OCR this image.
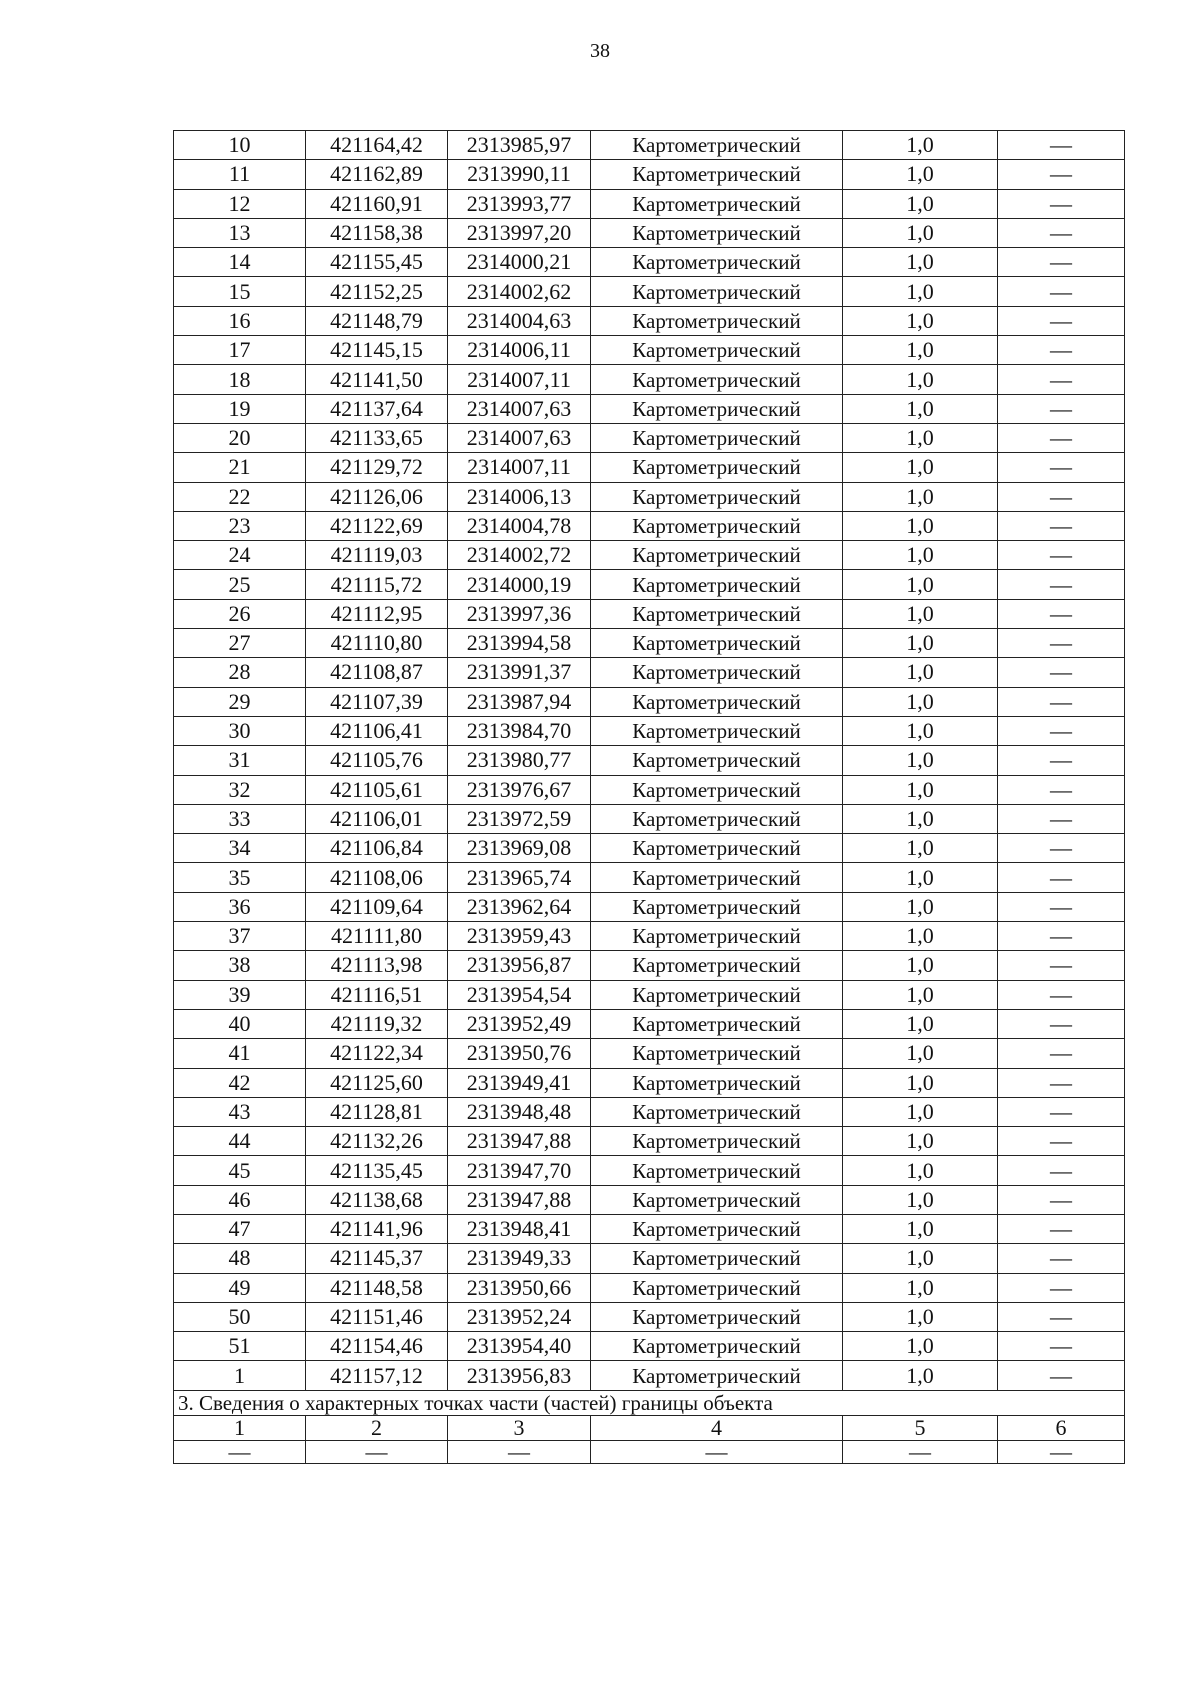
38
10	421164,42	2313985,97	Картометрический	1,0	—
11	421162,89	2313990,11	Картометрический	1,0	—
12	421160,91	2313993,77	Картометрический	1,0	—
13	421158,38	2313997,20	Картометрический	1,0	—
14	421155,45	2314000,21	Картометрический	1,0	—
15	421152,25	2314002,62	Картометрический	1,0	—
16	421148,79	2314004,63	Картометрический	1,0	—
17	421145,15	2314006,11	Картометрический	1,0	—
18	421141,50	2314007,11	Картометрический	1,0	—
19	421137,64	2314007,63	Картометрический	1,0	—
20	421133,65	2314007,63	Картометрический	1,0	—
21	421129,72	2314007,11	Картометрический	1,0	—
22	421126,06	2314006,13	Картометрический	1,0	—
23	421122,69	2314004,78	Картометрический	1,0	—
24	421119,03	2314002,72	Картометрический	1,0	—
25	421115,72	2314000,19	Картометрический	1,0	—
26	421112,95	2313997,36	Картометрический	1,0	—
27	421110,80	2313994,58	Картометрический	1,0	—
28	421108,87	2313991,37	Картометрический	1,0	—
29	421107,39	2313987,94	Картометрический	1,0	—
30	421106,41	2313984,70	Картометрический	1,0	—
31	421105,76	2313980,77	Картометрический	1,0	—
32	421105,61	2313976,67	Картометрический	1,0	—
33	421106,01	2313972,59	Картометрический	1,0	—
34	421106,84	2313969,08	Картометрический	1,0	—
35	421108,06	2313965,74	Картометрический	1,0	—
36	421109,64	2313962,64	Картометрический	1,0	—
37	421111,80	2313959,43	Картометрический	1,0	—
38	421113,98	2313956,87	Картометрический	1,0	—
39	421116,51	2313954,54	Картометрический	1,0	—
40	421119,32	2313952,49	Картометрический	1,0	—
41	421122,34	2313950,76	Картометрический	1,0	—
42	421125,60	2313949,41	Картометрический	1,0	—
43	421128,81	2313948,48	Картометрический	1,0	—
44	421132,26	2313947,88	Картометрический	1,0	—
45	421135,45	2313947,70	Картометрический	1,0	—
46	421138,68	2313947,88	Картометрический	1,0	—
47	421141,96	2313948,41	Картометрический	1,0	—
48	421145,37	2313949,33	Картометрический	1,0	—
49	421148,58	2313950,66	Картометрический	1,0	—
50	421151,46	2313952,24	Картометрический	1,0	—
51	421154,46	2313954,40	Картометрический	1,0	—
1	421157,12	2313956,83	Картометрический	1,0	—
3. Сведения о характерных точках части (частей) границы объекта					
1	2	3	4	5	6
—	—	—	—	—	—
